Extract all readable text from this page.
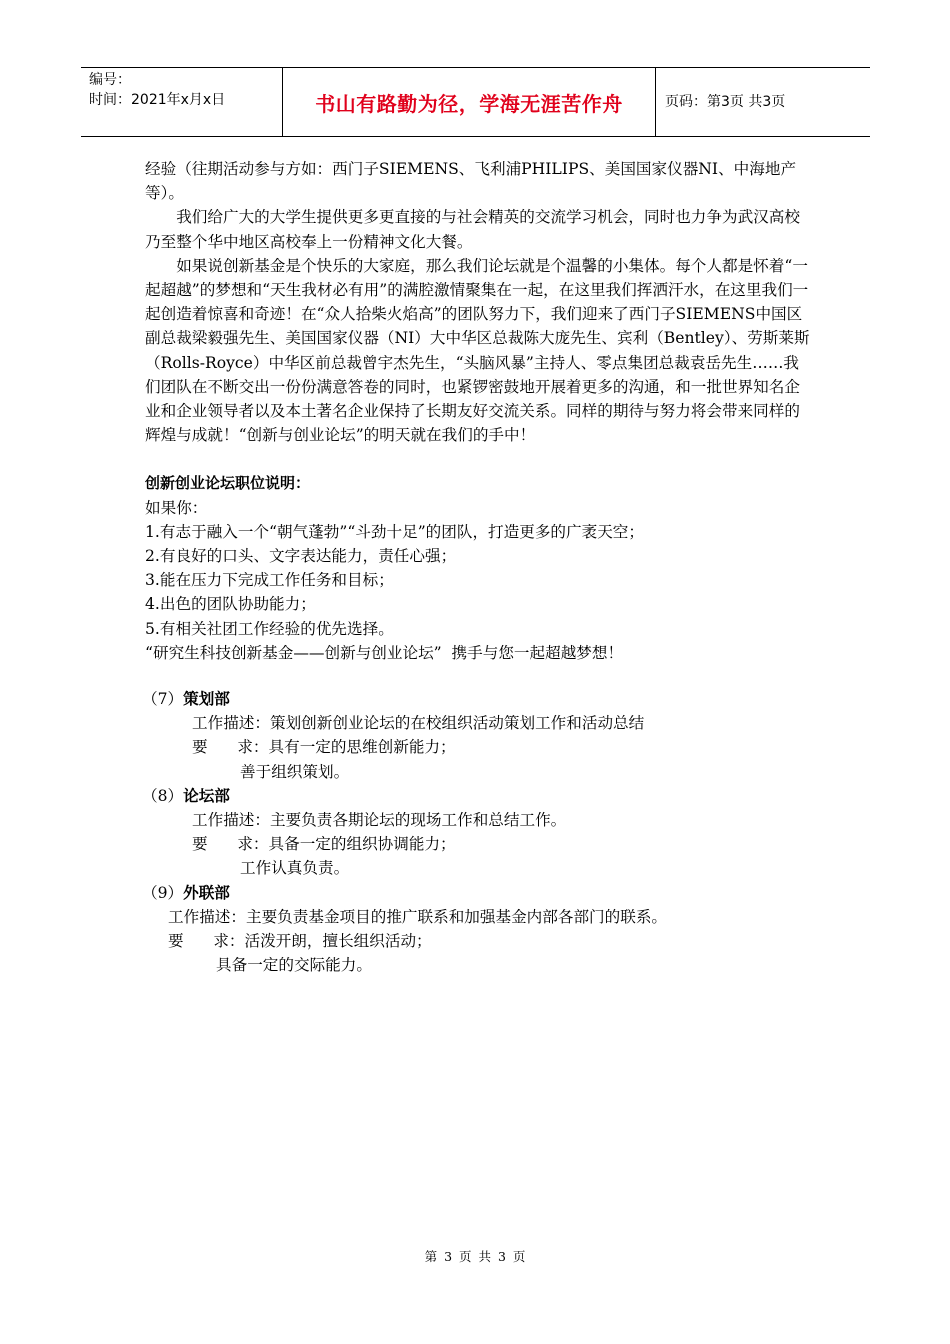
编号：
时间：2021年x月x日	书山有路勤为径，学海无涯苦作舟	页码：第3页 共3页

经验（往期活动参与方如：西门子SIEMENS、飞利浦PHILIPS、美国国家仪器NI、中海地产等）。

我们给广大的大学生提供更多更直接的与社会精英的交流学习机会，同时也力争为武汉高校乃至整个华中地区高校奉上一份精神文化大餐。

如果说创新基金是个快乐的大家庭，那么我们论坛就是个温馨的小集体。每个人都是怀着“一起超越”的梦想和“天生我材必有用”的满腔激情聚集在一起，在这里我们挥洒汗水，在这里我们一起创造着惊喜和奇迹！在“众人拾柴火焰高”的团队努力下，我们迎来了西门子SIEMENS中国区副总裁梁毅强先生、美国国家仪器（NI）大中华区总裁陈大庞先生、宾利（Bentley）、劳斯莱斯（Rolls-Royce）中华区前总裁曾宇杰先生，“头脑风暴”主持人、零点集团总裁袁岳先生……我们团队在不断交出一份份满意答卷的同时，也紧锣密鼓地开展着更多的沟通，和一批世界知名企业和企业领导者以及本土著名企业保持了长期友好交流关系。同样的期待与努力将会带来同样的辉煌与成就！“创新与创业论坛”的明天就在我们的手中！

创新创业论坛职位说明：

如果你：

1.有志于融入一个“朝气蓬勃”“斗劲十足”的团队，打造更多的广袤天空；

2.有良好的口头、文字表达能力，责任心强；

3.能在压力下完成工作任务和目标；

4.出色的团队协助能力；

5.有相关社团工作经验的优先选择。

“研究生科技创新基金——创新与创业论坛”  携手与您一起超越梦想！

（7）策划部

工作描述：策划创新创业论坛的在校组织活动策划工作和活动总结

要      求：具有一定的思维创新能力；

善于组织策划。

（8）论坛部

工作描述：主要负责各期论坛的现场工作和总结工作。

要      求：具备一定的组织协调能力；

工作认真负责。

（9）外联部

工作描述：主要负责基金项目的推广联系和加强基金内部各部门的联系。

要      求：活泼开朗，擅长组织活动；

具备一定的交际能力。

第 3 页 共 3 页
